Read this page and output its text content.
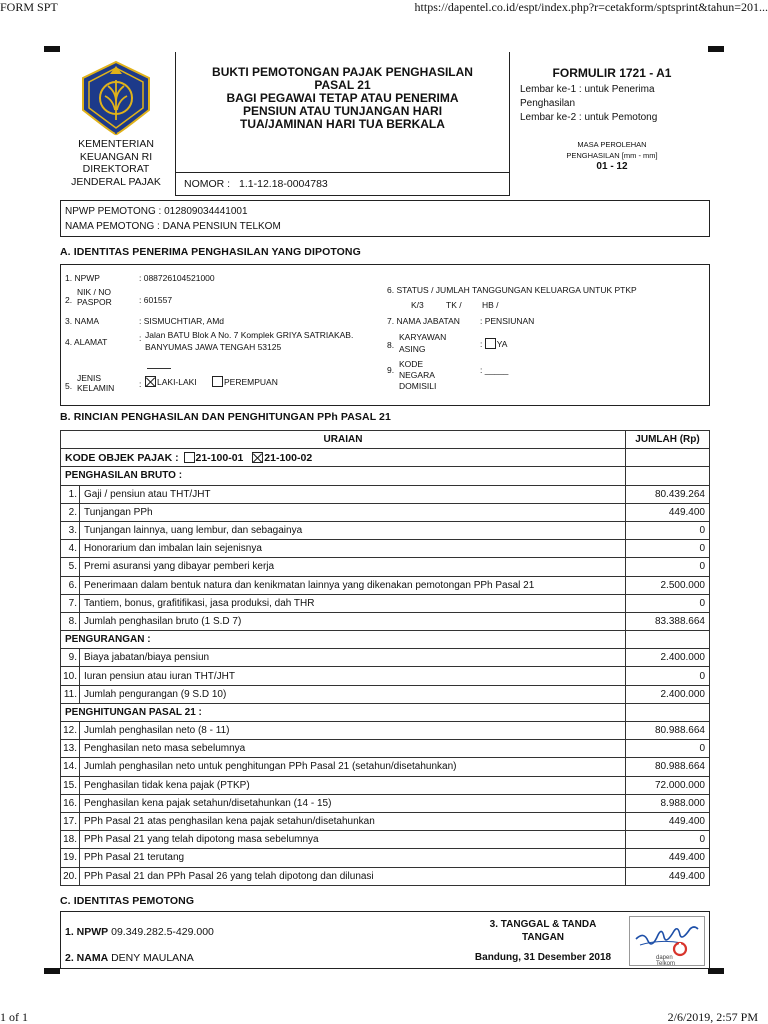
FORM SPT	https://dapentel.co.id/espt/index.php?r=cetakform/sptsprint&tahun=201...
1 of 1	2/6/2019, 2:57 PM
KEMENTERIAN
KEUANGAN RI
DIREKTORAT
JENDERAL PAJAK
BUKTI PEMOTONGAN PAJAK PENGHASILAN
PASAL 21
BAGI PEGAWAI TETAP ATAU PENERIMA
PENSIUN ATAU TUNJANGAN HARI
TUA/JAMINAN HARI TUA BERKALA
NOMOR : 1.1-12.18-0004783
FORMULIR 1721 - A1
Lembar ke-1 : untuk Penerima Penghasilan
Lembar ke-2 : untuk Pemotong
MASA PEROLEHAN
PENGHASILAN [mm - mm]
01 - 12
NPWP PEMOTONG : 012809034441001
NAMA PEMOTONG : DANA PENSIUN TELKOM
A. IDENTITAS PENERIMA PENGHASILAN YANG DIPOTONG
1. NPWP	: 088726104521000
2.
NIK / NO PASPOR	: 601557
3. NAMA	: SISMUCHTIAR, AMd
4. ALAMAT	: Jalan BATU Blok A No. 7 Komplek GRIYA SATRIAKAB. BANYUMAS JAWA TENGAH 53125
5.
JENIS KELAMIN	:	LAKI-LAKI	PEREMPUAN
6. STATUS / JUMLAH TANGGUNGAN KELUARGA UNTUK PTKP
K/3	TK / HB /
7. NAMA JABATAN : PENSIUNAN
8.
KARYAWAN ASING	: YA
9.
KODE NEGARA DOMISILI
: _____
B. RINCIAN PENGHASILAN DAN PENGHITUNGAN PPh PASAL 21
URAIAN		JUMLAH (Rp)
KODE OBJEK PAJAK : 21-100-01 21-100-02		
PENGHASILAN BRUTO :		
1.	Gaji / pensiun atau THT/JHT	80.439.264
2.	Tunjangan PPh	449.400
3.	Tunjangan lainnya, uang lembur, dan sebagainya	0
4.	Honorarium dan imbalan lain sejenisnya	0
5.	Premi asuransi yang dibayar pemberi kerja	0
6.	Penerimaan dalam bentuk natura dan kenikmatan lainnya yang dikenakan pemotongan PPh Pasal 21	2.500.000
7.	Tantiem, bonus, grafitifikasi, jasa produksi, dah THR	0
8.	Jumlah penghasilan bruto (1 S.D 7)	83.388.664
PENGURANGAN :		
9.	Biaya jabatan/biaya pensiun	2.400.000
10.	Iuran pensiun atau iuran THT/JHT	0
11.	Jumlah pengurangan (9 S.D 10)	2.400.000
PENGHITUNGAN PASAL 21 :		
12.	Jumlah penghasilan neto (8 - 11)	80.988.664
13.	Penghasilan neto masa sebelumnya	0
14.	Jumlah penghasilan neto untuk penghitungan PPh Pasal 21 (setahun/disetahunkan)	80.988.664
15.	Penghasilan tidak kena pajak (PTKP)	72.000.000
16.	Penghasilan kena pajak setahun/disetahunkan (14 - 15)	8.988.000
17.	PPh Pasal 21 atas penghasilan kena pajak setahun/disetahunkan	449.400
18.	PPh Pasal 21 yang telah dipotong masa sebelumnya	0
19.	PPh Pasal 21 terutang	449.400
20.	PPh Pasal 21 dan PPh Pasal 26 yang telah dipotong dan dilunasi	449.400
C. IDENTITAS PEMOTONG
1. NPWP 09.349.282.5-429.000
2. NAMA DENY MAULANA
3. TANGGAL & TANDA
TANGAN
Bandung, 31 Desember 2018	dapen Telkom
